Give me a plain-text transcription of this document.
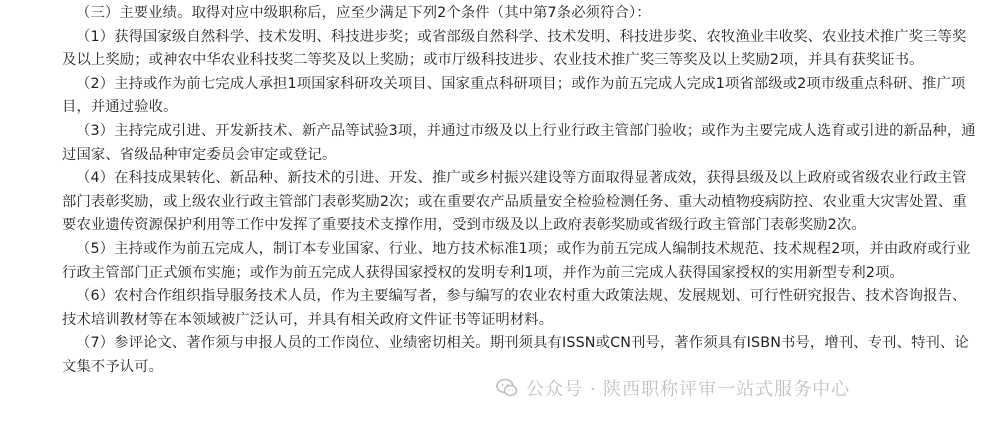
（三）主要业绩。取得对应中级职称后，应至少满足下列2个条件（其中第7条必须符合）：

（1）获得国家级自然科学、技术发明、科技进步奖；或省部级自然科学、技术发明、科技进步奖、农牧渔业丰收奖、农业技术推广奖三等奖及以上奖励；或神农中华农业科技奖二等奖及以上奖励；或市厅级科技进步、农业技术推广奖三等奖及以上奖励2项，并具有获奖证书。

（2）主持或作为前七完成人承担1项国家科研攻关项目、国家重点科研项目；或作为前五完成人完成1项省部级或2项市级重点科研、推广项目，并通过验收。

（3）主持完成引进、开发新技术、新产品等试验3项，并通过市级及以上行业行政主管部门验收；或作为主要完成人选育或引进的新品种，通过国家、省级品种审定委员会审定或登记。

（4）在科技成果转化、新品种、新技术的引进、开发、推广或乡村振兴建设等方面取得显著成效，获得县级及以上政府或省级农业行政主管部门表彰奖励，或上级农业行政主管部门表彰奖励2次；或在重要农产品质量安全检验检测任务、重大动植物疫病防控、农业重大灾害处置、重要农业遗传资源保护利用等工作中发挥了重要技术支撑作用，受到市级及以上政府表彰奖励或省级行政主管部门表彰奖励2次。

（5）主持或作为前五完成人，制订本专业国家、行业、地方技术标准1项；或作为前五完成人编制技术规范、技术规程2项，并由政府或行业行政主管部门正式颁布实施；或作为前五完成人获得国家授权的发明专利1项，并作为前三完成人获得国家授权的实用新型专利2项。

（6）农村合作组织指导服务技术人员，作为主要编写者，参与编写的农业农村重大政策法规、发展规划、可行性研究报告、技术咨询报告、技术培训教材等在本领域被广泛认可，并具有相关政府文件证书等证明材料。

（7）参评论文、著作须与申报人员的工作岗位、业绩密切相关。期刊须具有ISSN或CN刊号，著作须具有ISBN书号，增刊、专刊、特刊、论文集不予认可。

公众号 · 陕西职称评审一站式服务中心
